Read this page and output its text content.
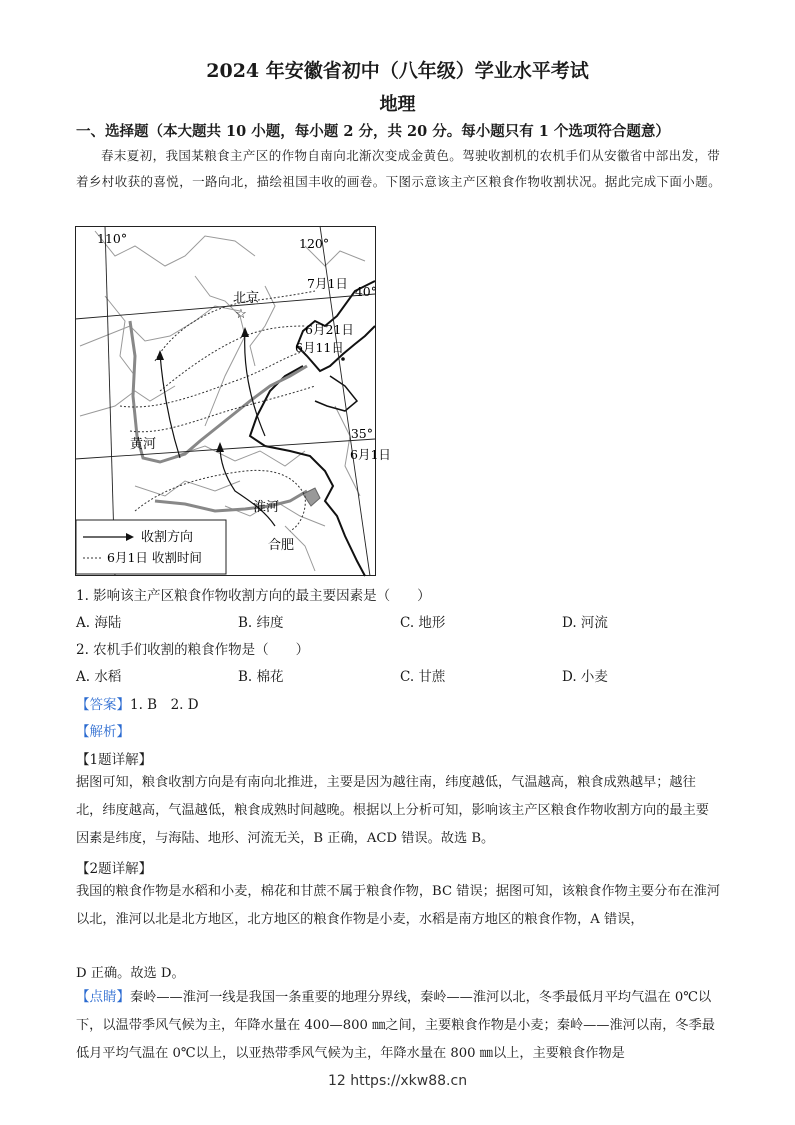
2024 年安徽省初中（八年级）学业水平考试
地理
一、选择题（本大题共 10 小题，每小题 2 分，共 20 分。每小题只有 1 个选项符合题意）
春末夏初，我国某粮食主产区的作物自南向北渐次变成金黄色。驾驶收割机的农机手们从安徽省中部出发，带着乡村收获的喜悦，一路向北，描绘祖国丰收的画卷。下图示意该主产区粮食作物收割状况。据此完成下面小题。
☆
110°	120°
40°
35°
北京
黄河
淮河
合肥
7月1日
6月21日
6月11日
6月1日
收割方向
6月1日 收割时间
1. 影响该主产区粮食作物收割方向的最主要因素是（　　）
A. 海陆	B. 纬度	C. 地形	D. 河流
2. 农机手们收割的粮食作物是（　　）
A. 水稻	B. 棉花	C. 甘蔗	D. 小麦
【答案】1. B　2. D
【解析】
【1题详解】
据图可知，粮食收割方向是有南向北推进，主要是因为越往南，纬度越低，气温越高，粮食成熟越早；越往北，纬度越高，气温越低，粮食成熟时间越晚。根据以上分析可知，影响该主产区粮食作物收割方向的最主要因素是纬度，与海陆、地形、河流无关，B 正确，ACD 错误。故选 B。
【2题详解】
我国的粮食作物是水稻和小麦，棉花和甘蔗不属于粮食作物，BC 错误；据图可知，该粮食作物主要分布在淮河以北，淮河以北是北方地区，北方地区的粮食作物是小麦，水稻是南方地区的粮食作物，A 错误，
D 正确。故选 D。
【点睛】秦岭——淮河一线是我国一条重要的地理分界线，秦岭——淮河以北，冬季最低月平均气温在 0℃以下，以温带季风气候为主，年降水量在 400—800 ㎜之间，主要粮食作物是小麦；秦岭——淮河以南，冬季最低月平均气温在 0℃以上，以亚热带季风气候为主，年降水量在 800 ㎜以上，主要粮食作物是
12 https://xkw88.cn
